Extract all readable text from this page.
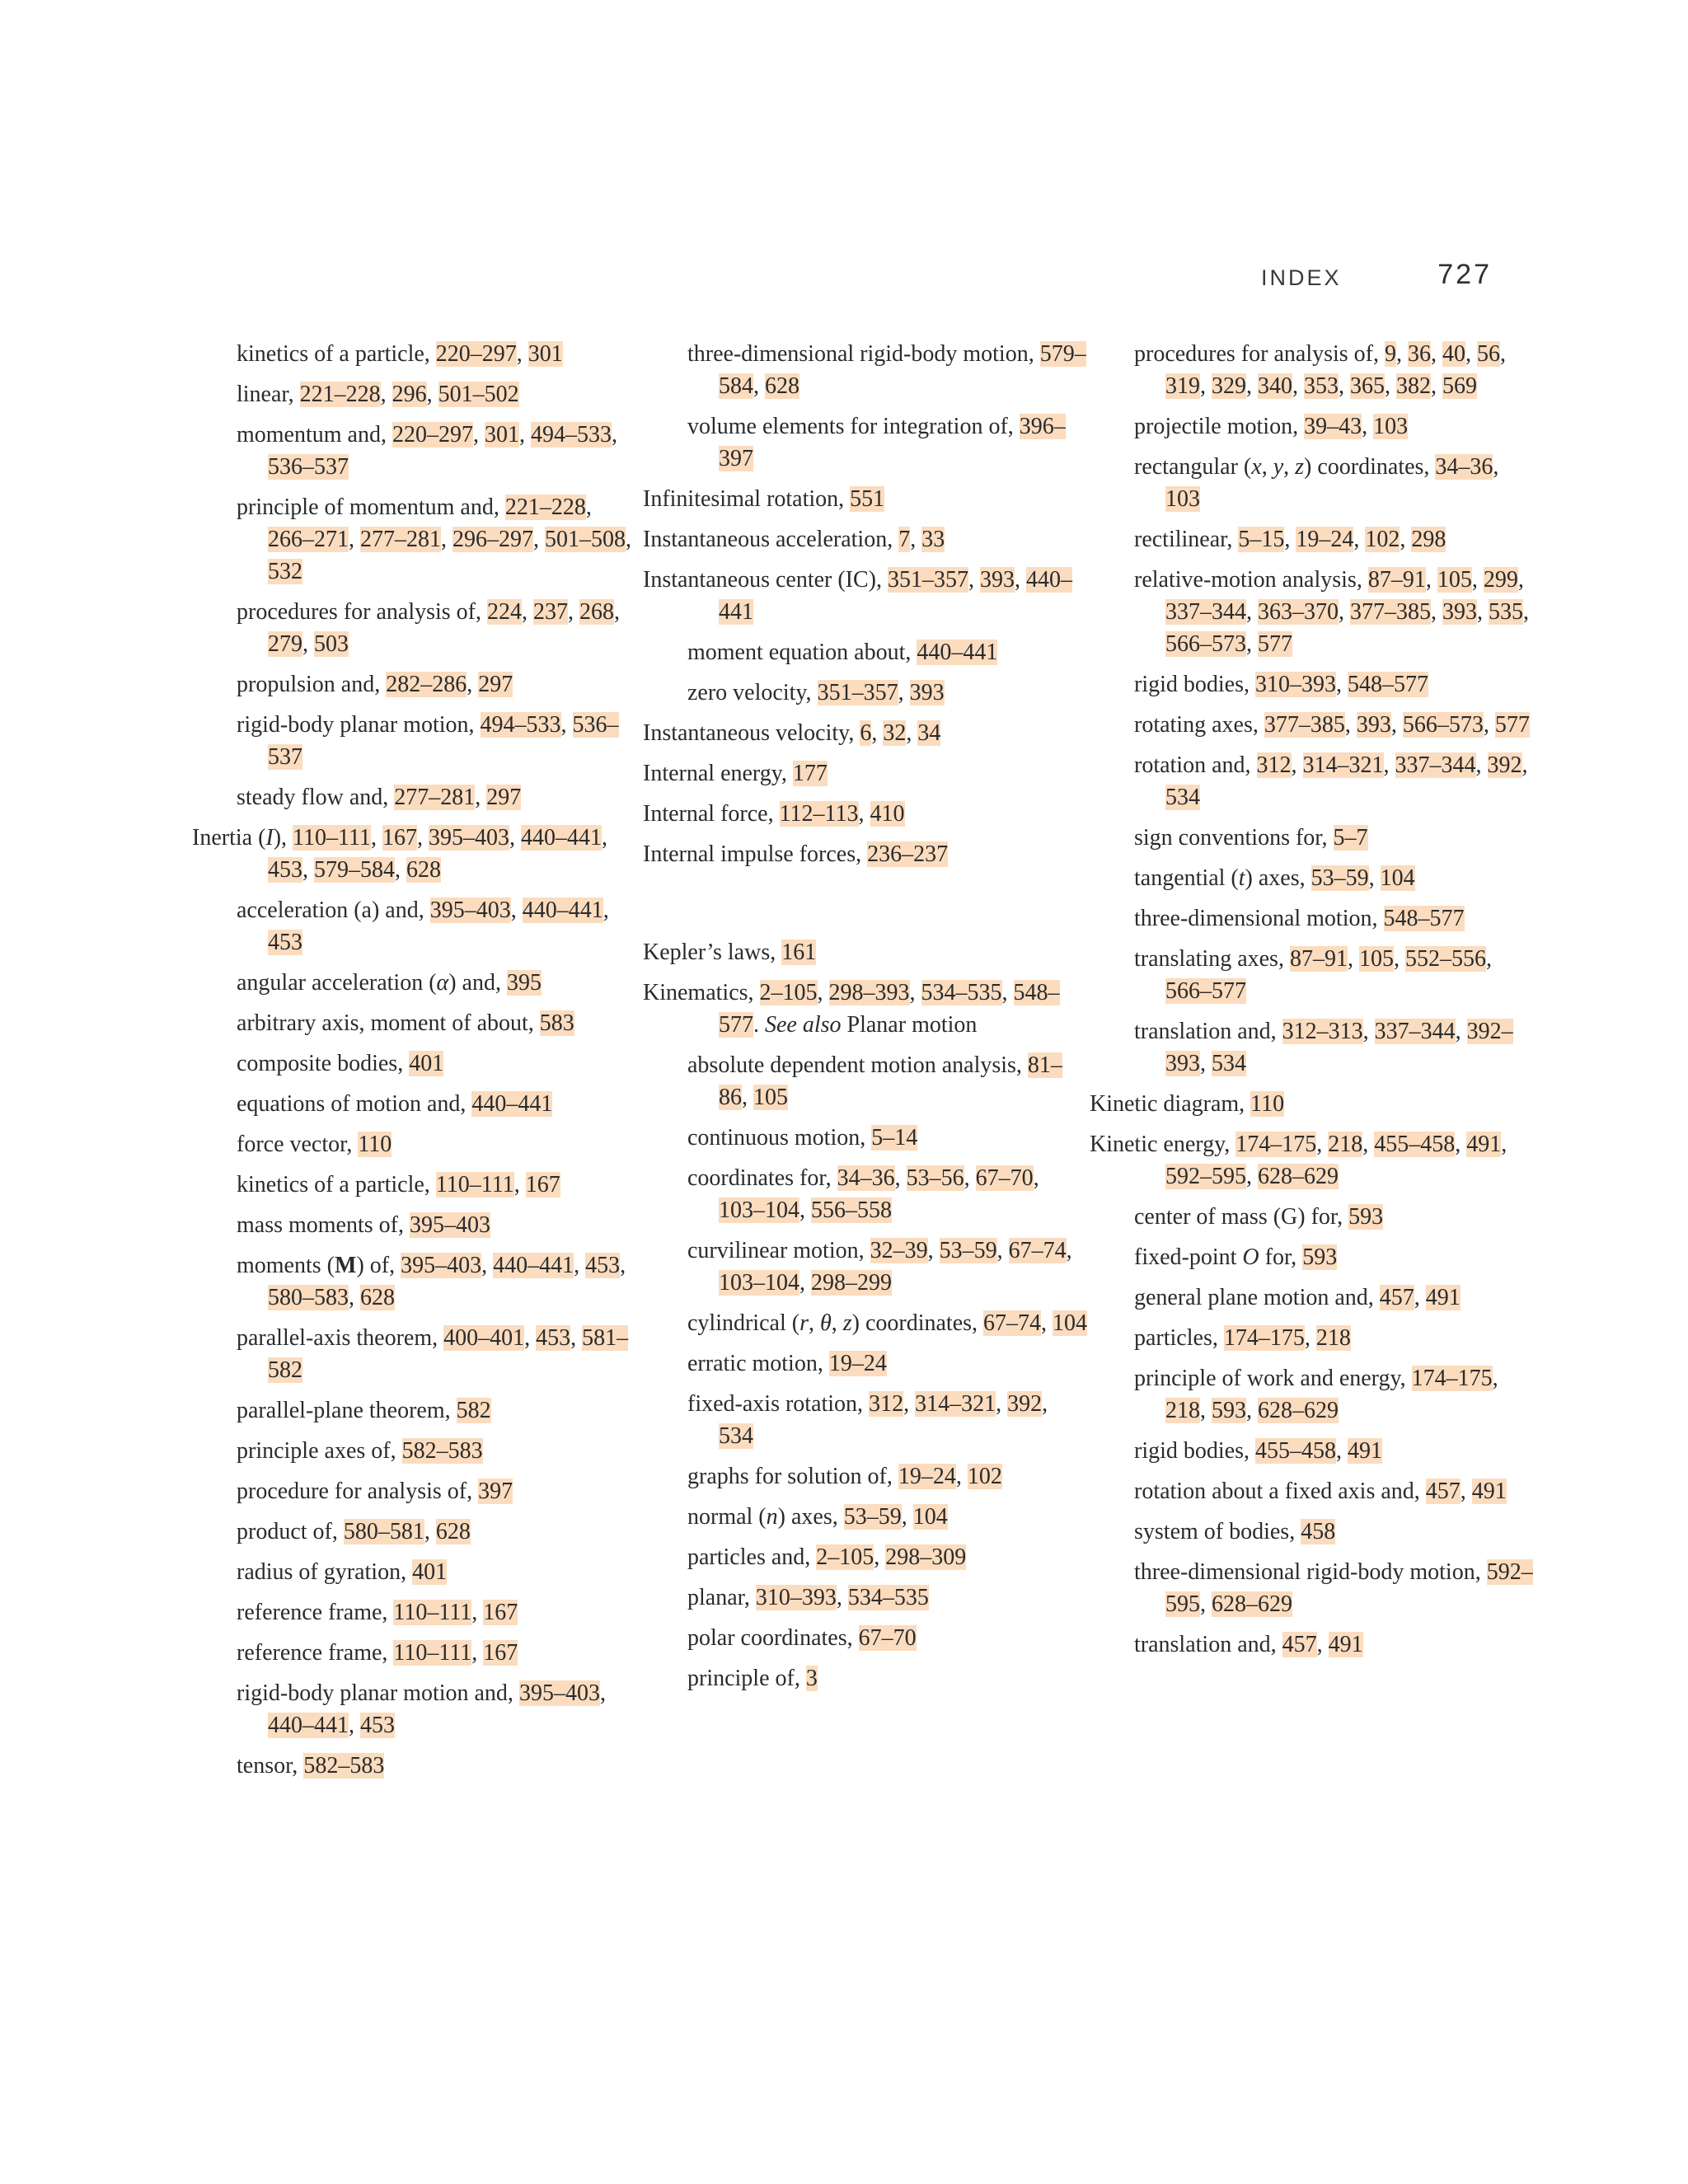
INDEX	727
kinetics of a particle, 220–297, 301
linear, 221–228, 296, 501–502
momentum and, 220–297, 301, 494–533, 536–537
principle of momentum and, 221–228, 266–271, 277–281, 296–297, 501–508, 532
procedures for analysis of, 224, 237, 268, 279, 503
propulsion and, 282–286, 297
rigid-body planar motion, 494–533, 536–537
steady flow and, 277–281, 297
Inertia (I), 110–111, 167, 395–403, 440–441, 453, 579–584, 628
acceleration (a) and, 395–403, 440–441, 453
angular acceleration (α) and, 395
arbitrary axis, moment of about, 583
composite bodies, 401
equations of motion and, 440–441
force vector, 110
kinetics of a particle, 110–111, 167
mass moments of, 395–403
moments (M) of, 395–403, 440–441, 453, 580–583, 628
parallel-axis theorem, 400–401, 453, 581–582
parallel-plane theorem, 582
principle axes of, 582–583
procedure for analysis of, 397
product of, 580–581, 628
radius of gyration, 401
reference frame, 110–111, 167
reference frame, 110–111, 167
rigid-body planar motion and, 395–403, 440–441, 453
tensor, 582–583
three-dimensional rigid-body motion, 579–584, 628
volume elements for integration of, 396–397
Infinitesimal rotation, 551
Instantaneous acceleration, 7, 33
Instantaneous center (IC), 351–357, 393, 440–441
moment equation about, 440–441
zero velocity, 351–357, 393
Instantaneous velocity, 6, 32, 34
Internal energy, 177
Internal force, 112–113, 410
Internal impulse forces, 236–237
Kepler’s laws, 161
Kinematics, 2–105, 298–393, 534–535, 548–577. See also Planar motion
absolute dependent motion analysis, 81–86, 105
continuous motion, 5–14
coordinates for, 34–36, 53–56, 67–70, 103–104, 556–558
curvilinear motion, 32–39, 53–59, 67–74, 103–104, 298–299
cylindrical (r, θ, z) coordinates, 67–74, 104
erratic motion, 19–24
fixed-axis rotation, 312, 314–321, 392, 534
graphs for solution of, 19–24, 102
normal (n) axes, 53–59, 104
particles and, 2–105, 298–309
planar, 310–393, 534–535
polar coordinates, 67–70
principle of, 3
procedures for analysis of, 9, 36, 40, 56, 319, 329, 340, 353, 365, 382, 569
projectile motion, 39–43, 103
rectangular (x, y, z) coordinates, 34–36, 103
rectilinear, 5–15, 19–24, 102, 298
relative-motion analysis, 87–91, 105, 299, 337–344, 363–370, 377–385, 393, 535, 566–573, 577
rigid bodies, 310–393, 548–577
rotating axes, 377–385, 393, 566–573, 577
rotation and, 312, 314–321, 337–344, 392, 534
sign conventions for, 5–7
tangential (t) axes, 53–59, 104
three-dimensional motion, 548–577
translating axes, 87–91, 105, 552–556, 566–577
translation and, 312–313, 337–344, 392–393, 534
Kinetic diagram, 110
Kinetic energy, 174–175, 218, 455–458, 491, 592–595, 628–629
center of mass (G) for, 593
fixed-point O for, 593
general plane motion and, 457, 491
particles, 174–175, 218
principle of work and energy, 174–175, 218, 593, 628–629
rigid bodies, 455–458, 491
rotation about a fixed axis and, 457, 491
system of bodies, 458
three-dimensional rigid-body motion, 592–595, 628–629
translation and, 457, 491
